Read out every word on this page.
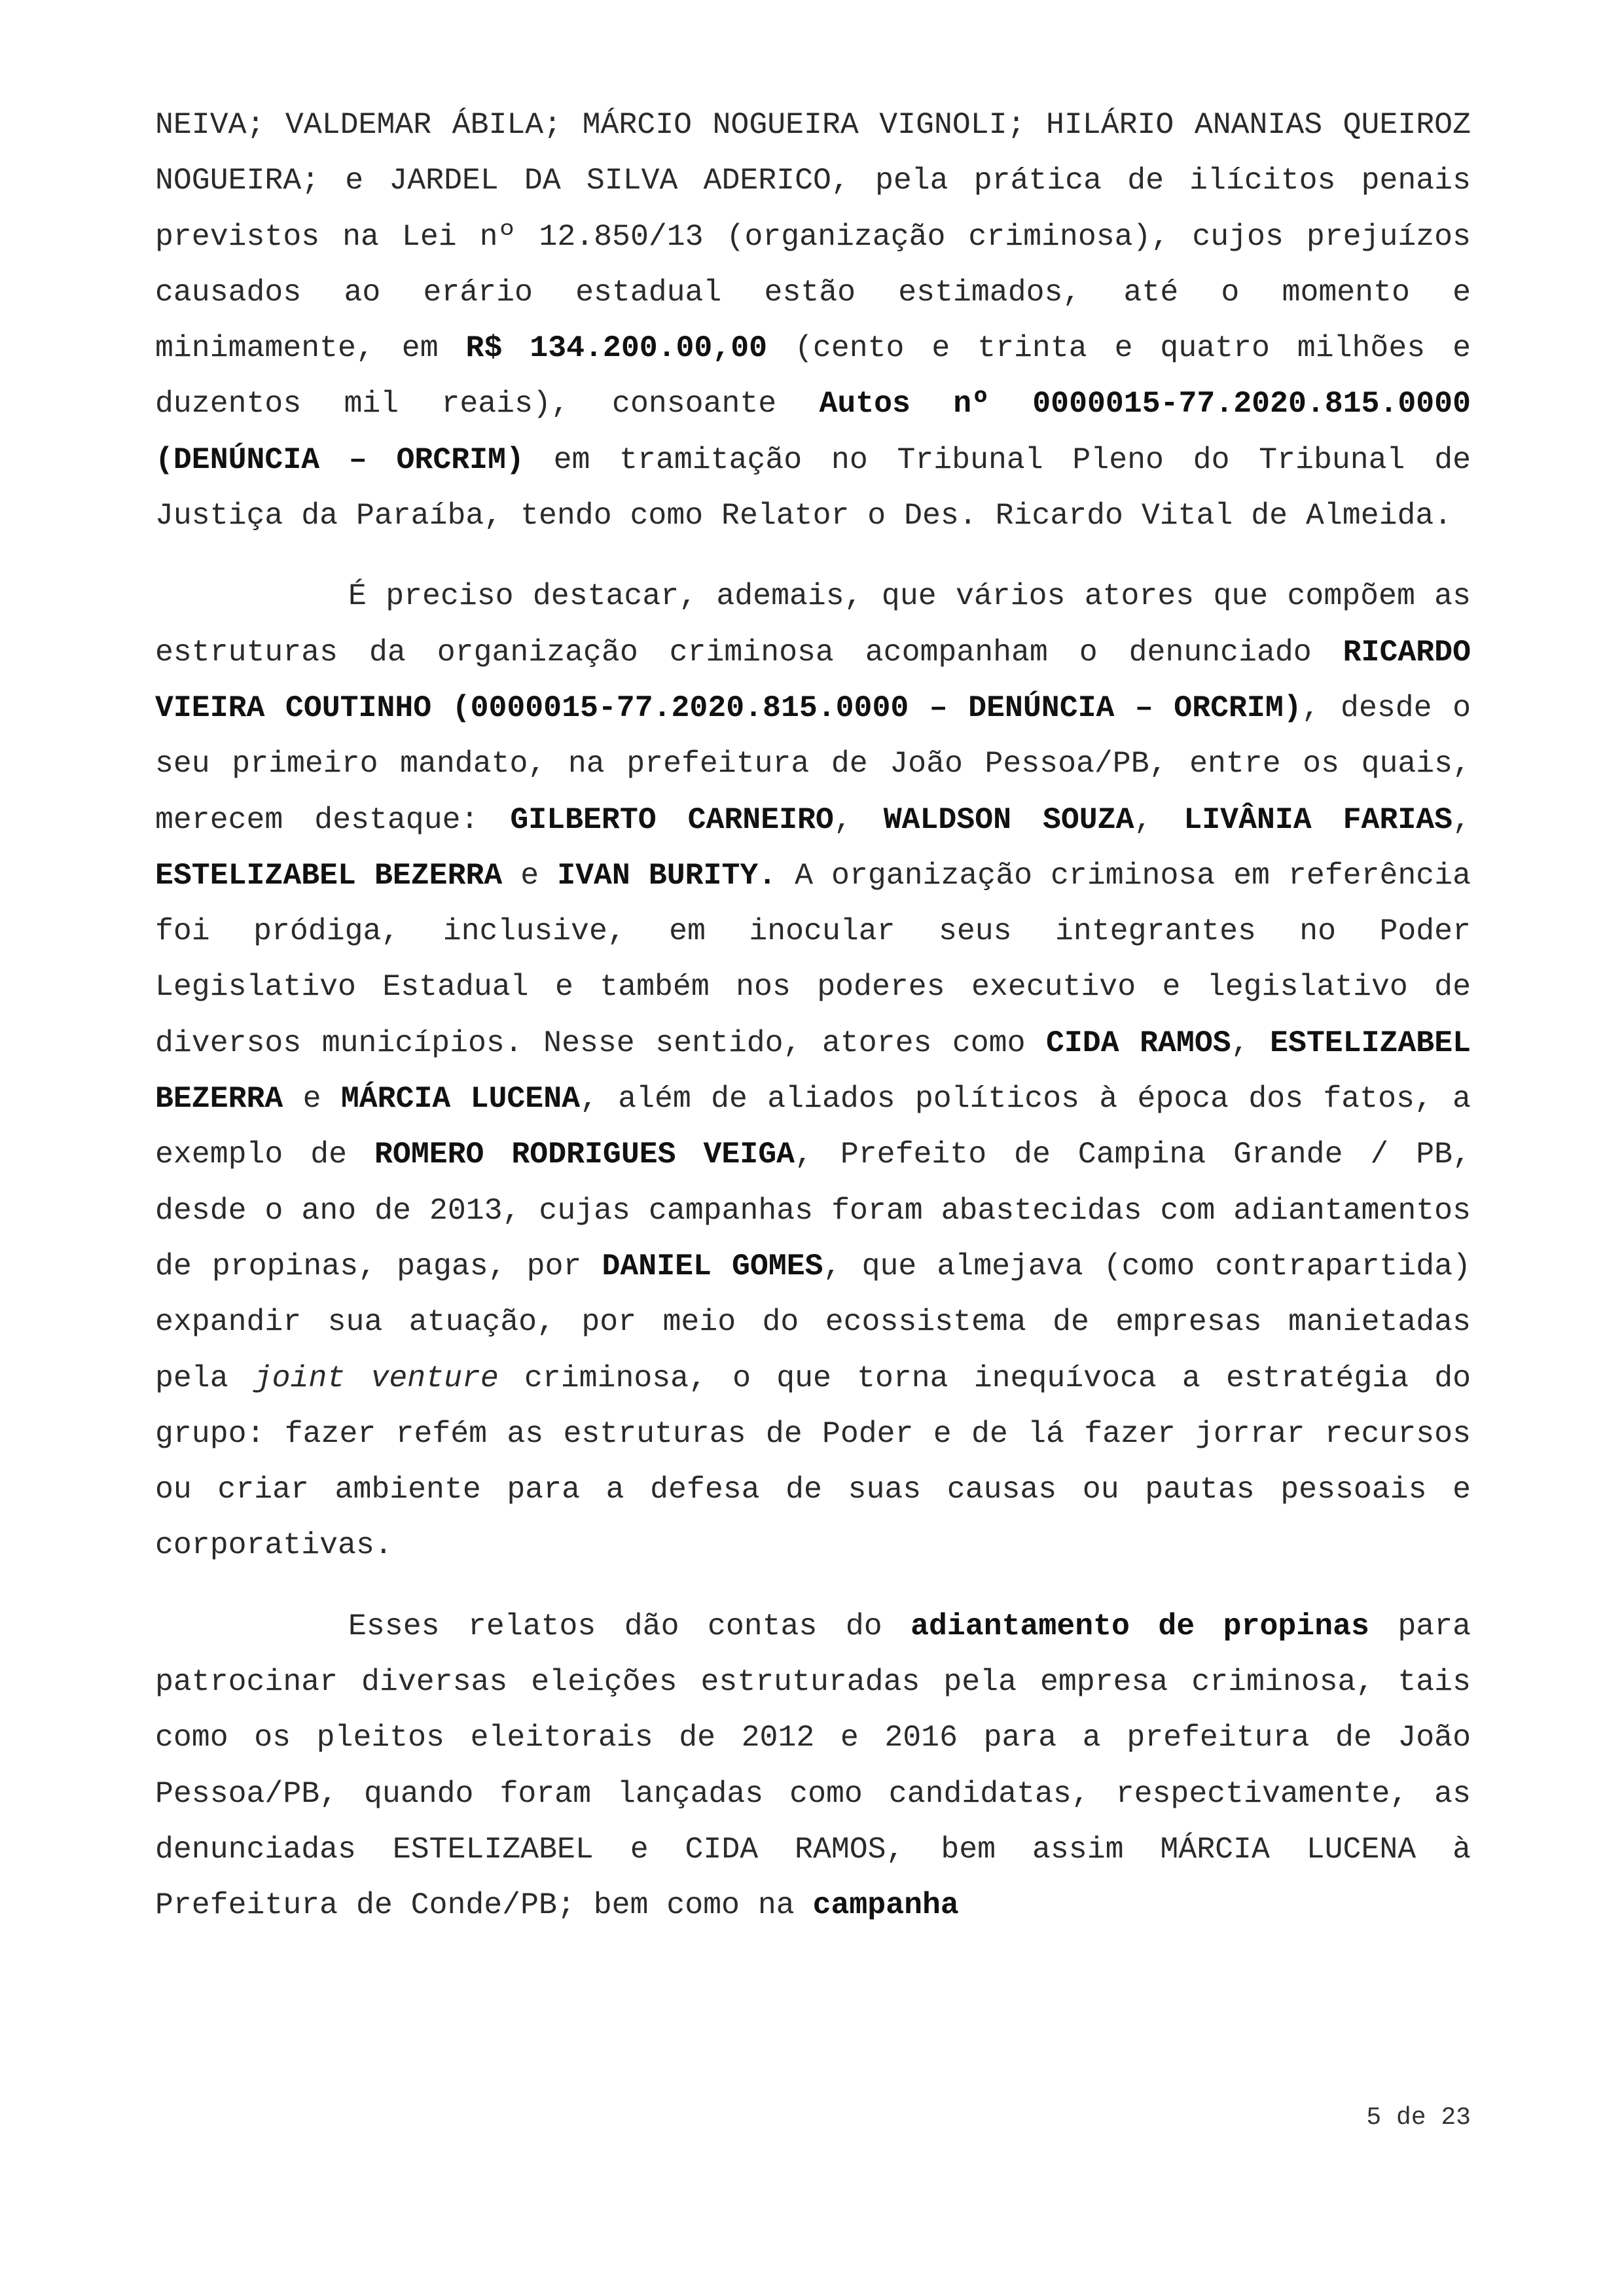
NEIVA; VALDEMAR ÁBILA; MÁRCIO NOGUEIRA VIGNOLI; HILÁRIO ANANIAS QUEIROZ NOGUEIRA; e JARDEL DA SILVA ADERICO, pela prática de ilícitos penais previstos na Lei nº 12.850/13 (organização criminosa), cujos prejuízos causados ao erário estadual estão estimados, até o momento e minimamente, em R$ 134.200.00,00 (cento e trinta e quatro milhões e duzentos mil reais), consoante Autos nº 0000015-77.2020.815.0000 (DENÚNCIA – ORCRIM) em tramitação no Tribunal Pleno do Tribunal de Justiça da Paraíba, tendo como Relator o Des. Ricardo Vital de Almeida.

É preciso destacar, ademais, que vários atores que compõem as estruturas da organização criminosa acompanham o denunciado RICARDO VIEIRA COUTINHO (0000015-77.2020.815.0000 – DENÚNCIA – ORCRIM), desde o seu primeiro mandato, na prefeitura de João Pessoa/PB, entre os quais, merecem destaque: GILBERTO CARNEIRO, WALDSON SOUZA, LIVÂNIA FARIAS, ESTELIZABEL BEZERRA e IVAN BURITY. A organização criminosa em referência foi pródiga, inclusive, em inocular seus integrantes no Poder Legislativo Estadual e também nos poderes executivo e legislativo de diversos municípios. Nesse sentido, atores como CIDA RAMOS, ESTELIZABEL BEZERRA e MÁRCIA LUCENA, além de aliados políticos à época dos fatos, a exemplo de ROMERO RODRIGUES VEIGA, Prefeito de Campina Grande / PB, desde o ano de 2013, cujas campanhas foram abastecidas com adiantamentos de propinas, pagas, por DANIEL GOMES, que almejava (como contrapartida) expandir sua atuação, por meio do ecossistema de empresas manietadas pela joint venture criminosa, o que torna inequívoca a estratégia do grupo: fazer refém as estruturas de Poder e de lá fazer jorrar recursos ou criar ambiente para a defesa de suas causas ou pautas pessoais e corporativas.

Esses relatos dão contas do adiantamento de propinas para patrocinar diversas eleições estruturadas pela empresa criminosa, tais como os pleitos eleitorais de 2012 e 2016 para a prefeitura de João Pessoa/PB, quando foram lançadas como candidatas, respectivamente, as denunciadas ESTELIZABEL e CIDA RAMOS, bem assim MÁRCIA LUCENA à Prefeitura de Conde/PB; bem como na campanha

5 de 23
